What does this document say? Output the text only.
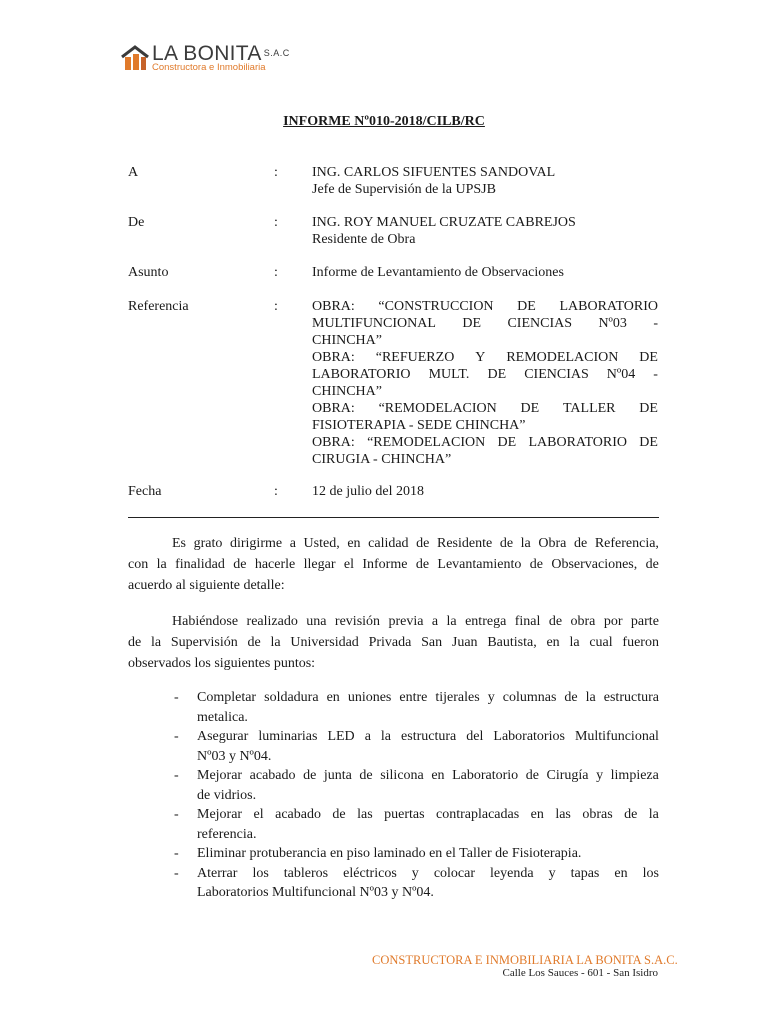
LA BONITA S.A.C
Constructora e Inmobiliaria
INFORME Nº010-2018/CILB/RC
A	: ING. CARLOS SIFUENTES SANDOVAL
Jefe de Supervisión de la UPSJB
De	: ING. ROY MANUEL CRUZATE CABREJOS
Residente de Obra
Asunto	: Informe de Levantamiento de Observaciones
Referencia	: OBRA: “CONSTRUCCION DE LABORATORIO
MULTIFUNCIONAL DE CIENCIAS Nº03 -
CHINCHA”
OBRA: “REFUERZO Y REMODELACION DE
LABORATORIO MULT. DE CIENCIAS Nº04 -
CHINCHA”
OBRA: “REMODELACION DE TALLER DE
FISIOTERAPIA - SEDE CHINCHA”
OBRA: “REMODELACION DE LABORATORIO DE
CIRUGIA - CHINCHA”
Fecha	: 12 de julio del 2018
Es grato dirigirme a Usted, en calidad de Residente de la Obra de Referencia,
con la finalidad de hacerle llegar el Informe de Levantamiento de Observaciones, de
acuerdo al siguiente detalle:
Habiéndose realizado una revisión previa a la entrega final de obra por parte
de la Supervisión de la Universidad Privada San Juan Bautista, en la cual fueron
observados los siguientes puntos:
- Completar soldadura en uniones entre tijerales y columnas de la estructura
metalica.
- Asegurar luminarias LED a la estructura del Laboratorios Multifuncional
Nº03 y Nº04.
- Mejorar acabado de junta de silicona en Laboratorio de Cirugía y limpieza
de vidrios.
- Mejorar el acabado de las puertas contraplacadas en las obras de la
referencia.
- Eliminar protuberancia en piso laminado en el Taller de Fisioterapia.
- Aterrar los tableros eléctricos y colocar leyenda y tapas en los
Laboratorios Multifuncional Nº03 y Nº04.
CONSTRUCTORA E INMOBILIARIA LA BONITA S.A.C.
Calle Los Sauces - 601 - San Isidro
